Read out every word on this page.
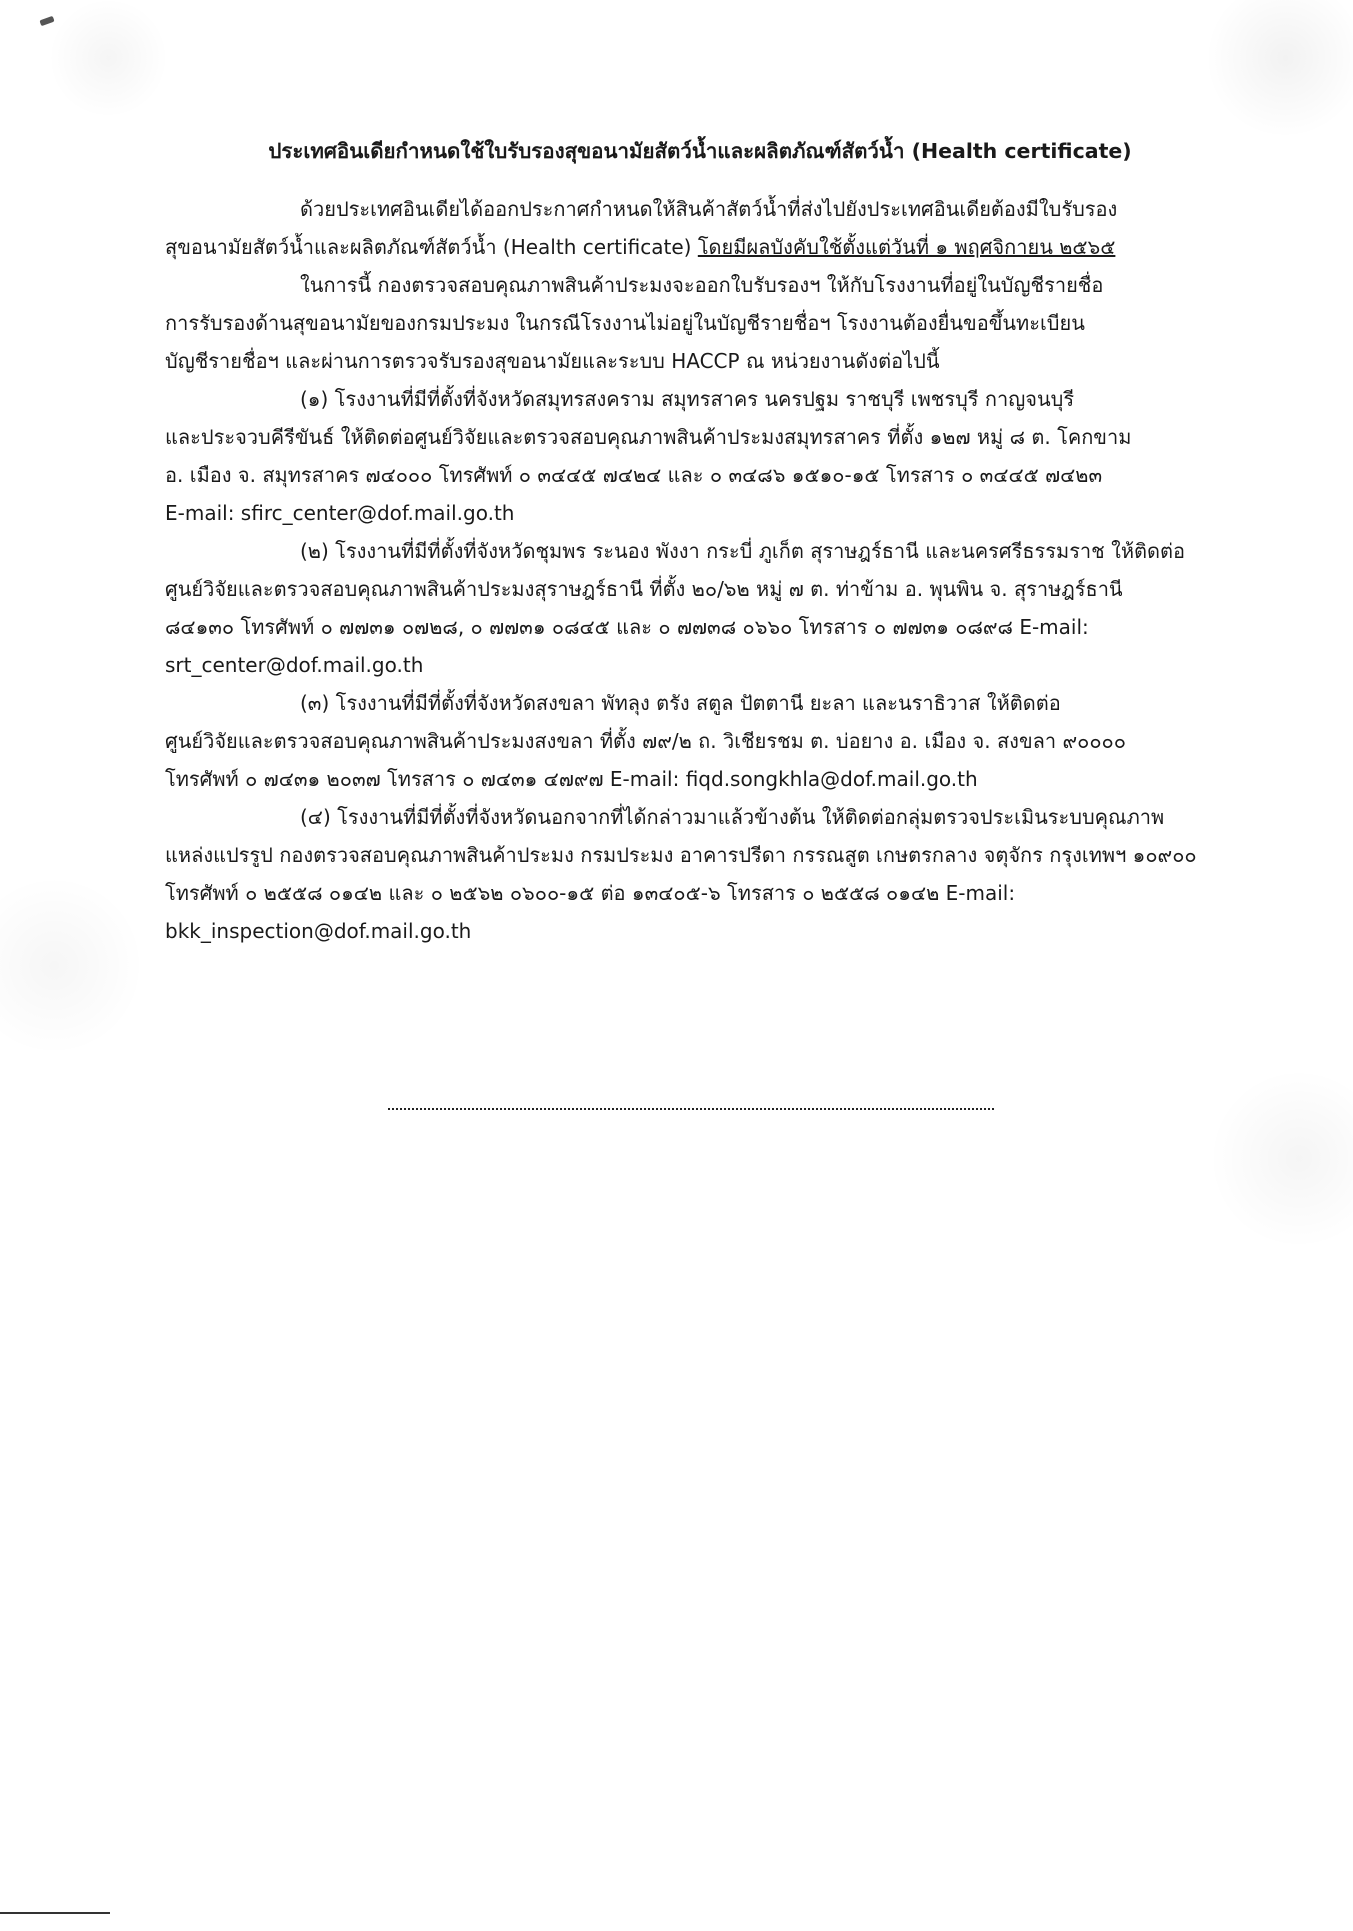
ประเทศอินเดียกำหนดใช้ใบรับรองสุขอนามัยสัตว์น้ำและผลิตภัณฑ์สัตว์น้ำ (Health certificate)
ด้วยประเทศอินเดียได้ออกประกาศกำหนดให้สินค้าสัตว์น้ำที่ส่งไปยังประเทศอินเดียต้องมีใบรับรอง
สุขอนามัยสัตว์น้ำและผลิตภัณฑ์สัตว์น้ำ (Health certificate) โดยมีผลบังคับใช้ตั้งแต่วันที่ ๑ พฤศจิกายน ๒๕๖๕
ในการนี้ กองตรวจสอบคุณภาพสินค้าประมงจะออกใบรับรองฯ ให้กับโรงงานที่อยู่ในบัญชีรายชื่อ
การรับรองด้านสุขอนามัยของกรมประมง ในกรณีโรงงานไม่อยู่ในบัญชีรายชื่อฯ โรงงานต้องยื่นขอขึ้นทะเบียน
บัญชีรายชื่อฯ และผ่านการตรวจรับรองสุขอนามัยและระบบ HACCP ณ หน่วยงานดังต่อไปนี้
(๑) โรงงานที่มีที่ตั้งที่จังหวัดสมุทรสงคราม สมุทรสาคร นครปฐม ราชบุรี เพชรบุรี กาญจนบุรี
และประจวบคีรีขันธ์ ให้ติดต่อศูนย์วิจัยและตรวจสอบคุณภาพสินค้าประมงสมุทรสาคร ที่ตั้ง ๑๒๗ หมู่ ๘ ต. โคกขาม
อ. เมือง จ. สมุทรสาคร ๗๔๐๐๐ โทรศัพท์ ๐ ๓๔๔๕ ๗๔๒๔ และ ๐ ๓๔๘๖ ๑๕๑๐-๑๕ โทรสาร ๐ ๓๔๔๕ ๗๔๒๓
E-mail: sfirc_center@dof.mail.go.th
(๒) โรงงานที่มีที่ตั้งที่จังหวัดชุมพร ระนอง พังงา กระบี่ ภูเก็ต สุราษฎร์ธานี และนครศรีธรรมราช ให้ติดต่อ
ศูนย์วิจัยและตรวจสอบคุณภาพสินค้าประมงสุราษฎร์ธานี ที่ตั้ง ๒๐/๖๒ หมู่ ๗ ต. ท่าข้าม อ. พุนพิน จ. สุราษฎร์ธานี
๘๔๑๓๐ โทรศัพท์ ๐ ๗๗๓๑ ๐๗๒๘, ๐ ๗๗๓๑ ๐๘๔๕ และ ๐ ๗๗๓๘ ๐๖๖๐ โทรสาร ๐ ๗๗๓๑ ๐๘๙๘ E-mail:
srt_center@dof.mail.go.th
(๓) โรงงานที่มีที่ตั้งที่จังหวัดสงขลา พัทลุง ตรัง สตูล ปัตตานี ยะลา และนราธิวาส ให้ติดต่อ
ศูนย์วิจัยและตรวจสอบคุณภาพสินค้าประมงสงขลา ที่ตั้ง ๗๙/๒ ถ. วิเชียรชม ต. บ่อยาง อ. เมือง จ. สงขลา ๙๐๐๐๐
โทรศัพท์ ๐ ๗๔๓๑ ๒๐๓๗ โทรสาร ๐ ๗๔๓๑ ๔๗๙๗ E-mail: fiqd.songkhla@dof.mail.go.th
(๔) โรงงานที่มีที่ตั้งที่จังหวัดนอกจากที่ได้กล่าวมาแล้วข้างต้น ให้ติดต่อกลุ่มตรวจประเมินระบบคุณภาพ
แหล่งแปรรูป กองตรวจสอบคุณภาพสินค้าประมง กรมประมง อาคารปรีดา กรรณสูต เกษตรกลาง จตุจักร กรุงเทพฯ ๑๐๙๐๐
โทรศัพท์ ๐ ๒๕๕๘ ๐๑๔๒ และ ๐ ๒๕๖๒ ๐๖๐๐-๑๕ ต่อ ๑๓๔๐๕-๖ โทรสาร ๐ ๒๕๕๘ ๐๑๔๒ E-mail:
bkk_inspection@dof.mail.go.th
